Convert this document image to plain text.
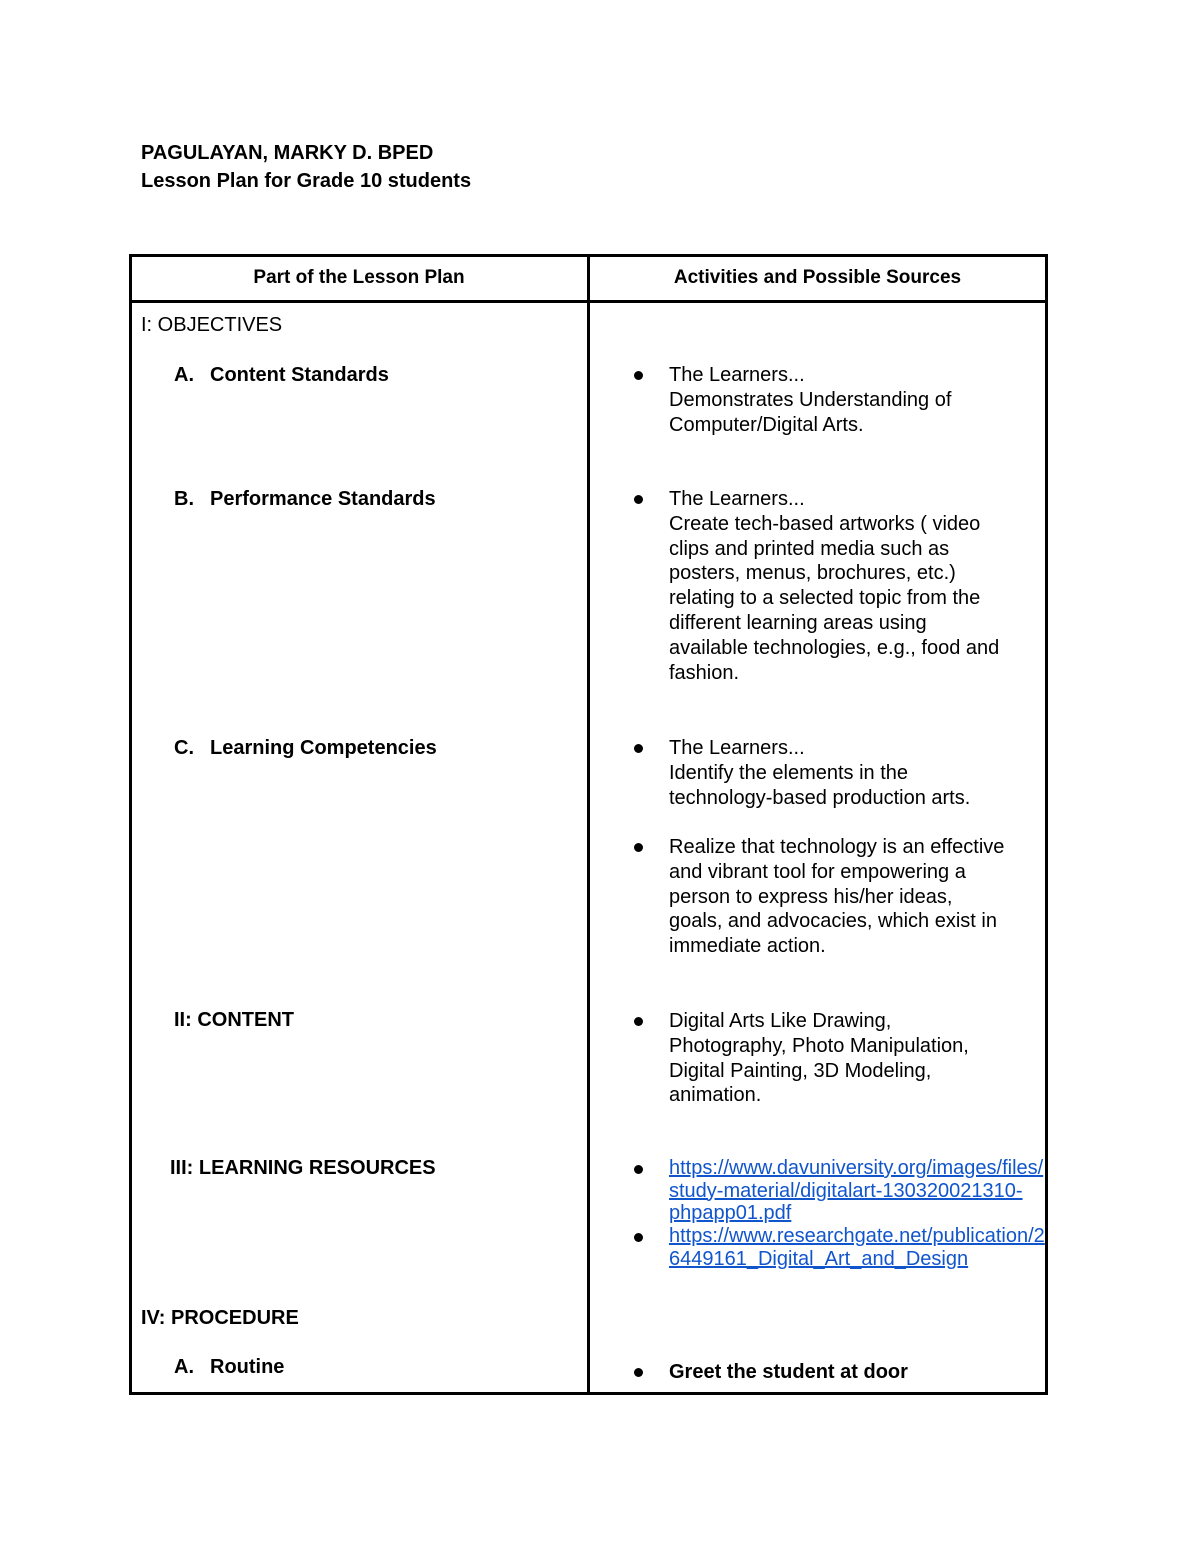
PAGULAYAN, MARKY D. BPED
Lesson Plan for Grade 10 students
Part of the Lesson Plan	Activities and Possible Sources
I: OBJECTIVES
A. Content Standards
B. Performance Standards
C. Learning Competencies
II: CONTENT
III: LEARNING RESOURCES
IV: PROCEDURE
A. Routine
The Learners...
Demonstrates Understanding of
Computer/Digital Arts.
The Learners...
Create tech-based artworks ( video
clips and printed media such as
posters, menus, brochures, etc.)
relating to a selected topic from the
different learning areas using
available technologies, e.g., food and
fashion.
The Learners...
Identify the elements in the
technology-based production arts.
Realize that technology is an effective
and vibrant tool for empowering a
person to express his/her ideas,
goals, and advocacies, which exist in
immediate action.
Digital Arts Like Drawing,
Photography, Photo Manipulation,
Digital Painting, 3D Modeling,
animation.
https://www.davuniversity.org/images/files/
study-material/digitalart-130320021310-
phpapp01.pdf
https://www.researchgate.net/publication/2
6449161_Digital_Art_and_Design
Greet the student at door
